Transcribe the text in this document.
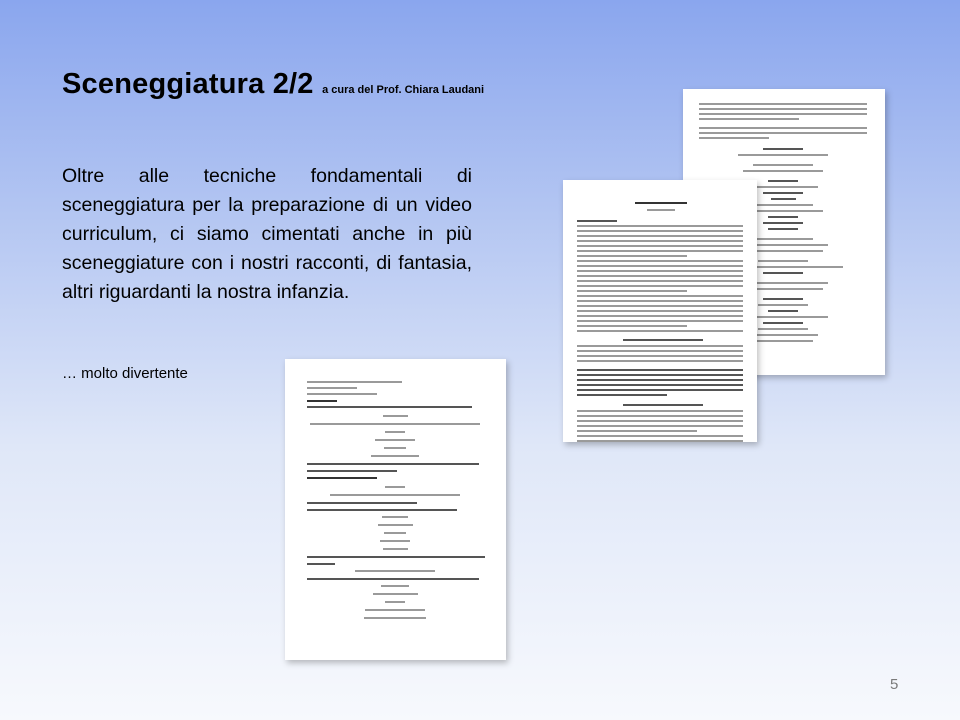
Sceneggiatura 2/2 a cura del Prof. Chiara Laudani
Oltre alle tecniche fondamentali di sceneggiatura per la preparazione di un video curriculum, ci siamo cimentati anche in più sceneggiature con i nostri racconti, di fantasia, altri riguardanti la nostra infanzia.
… molto divertente
5
